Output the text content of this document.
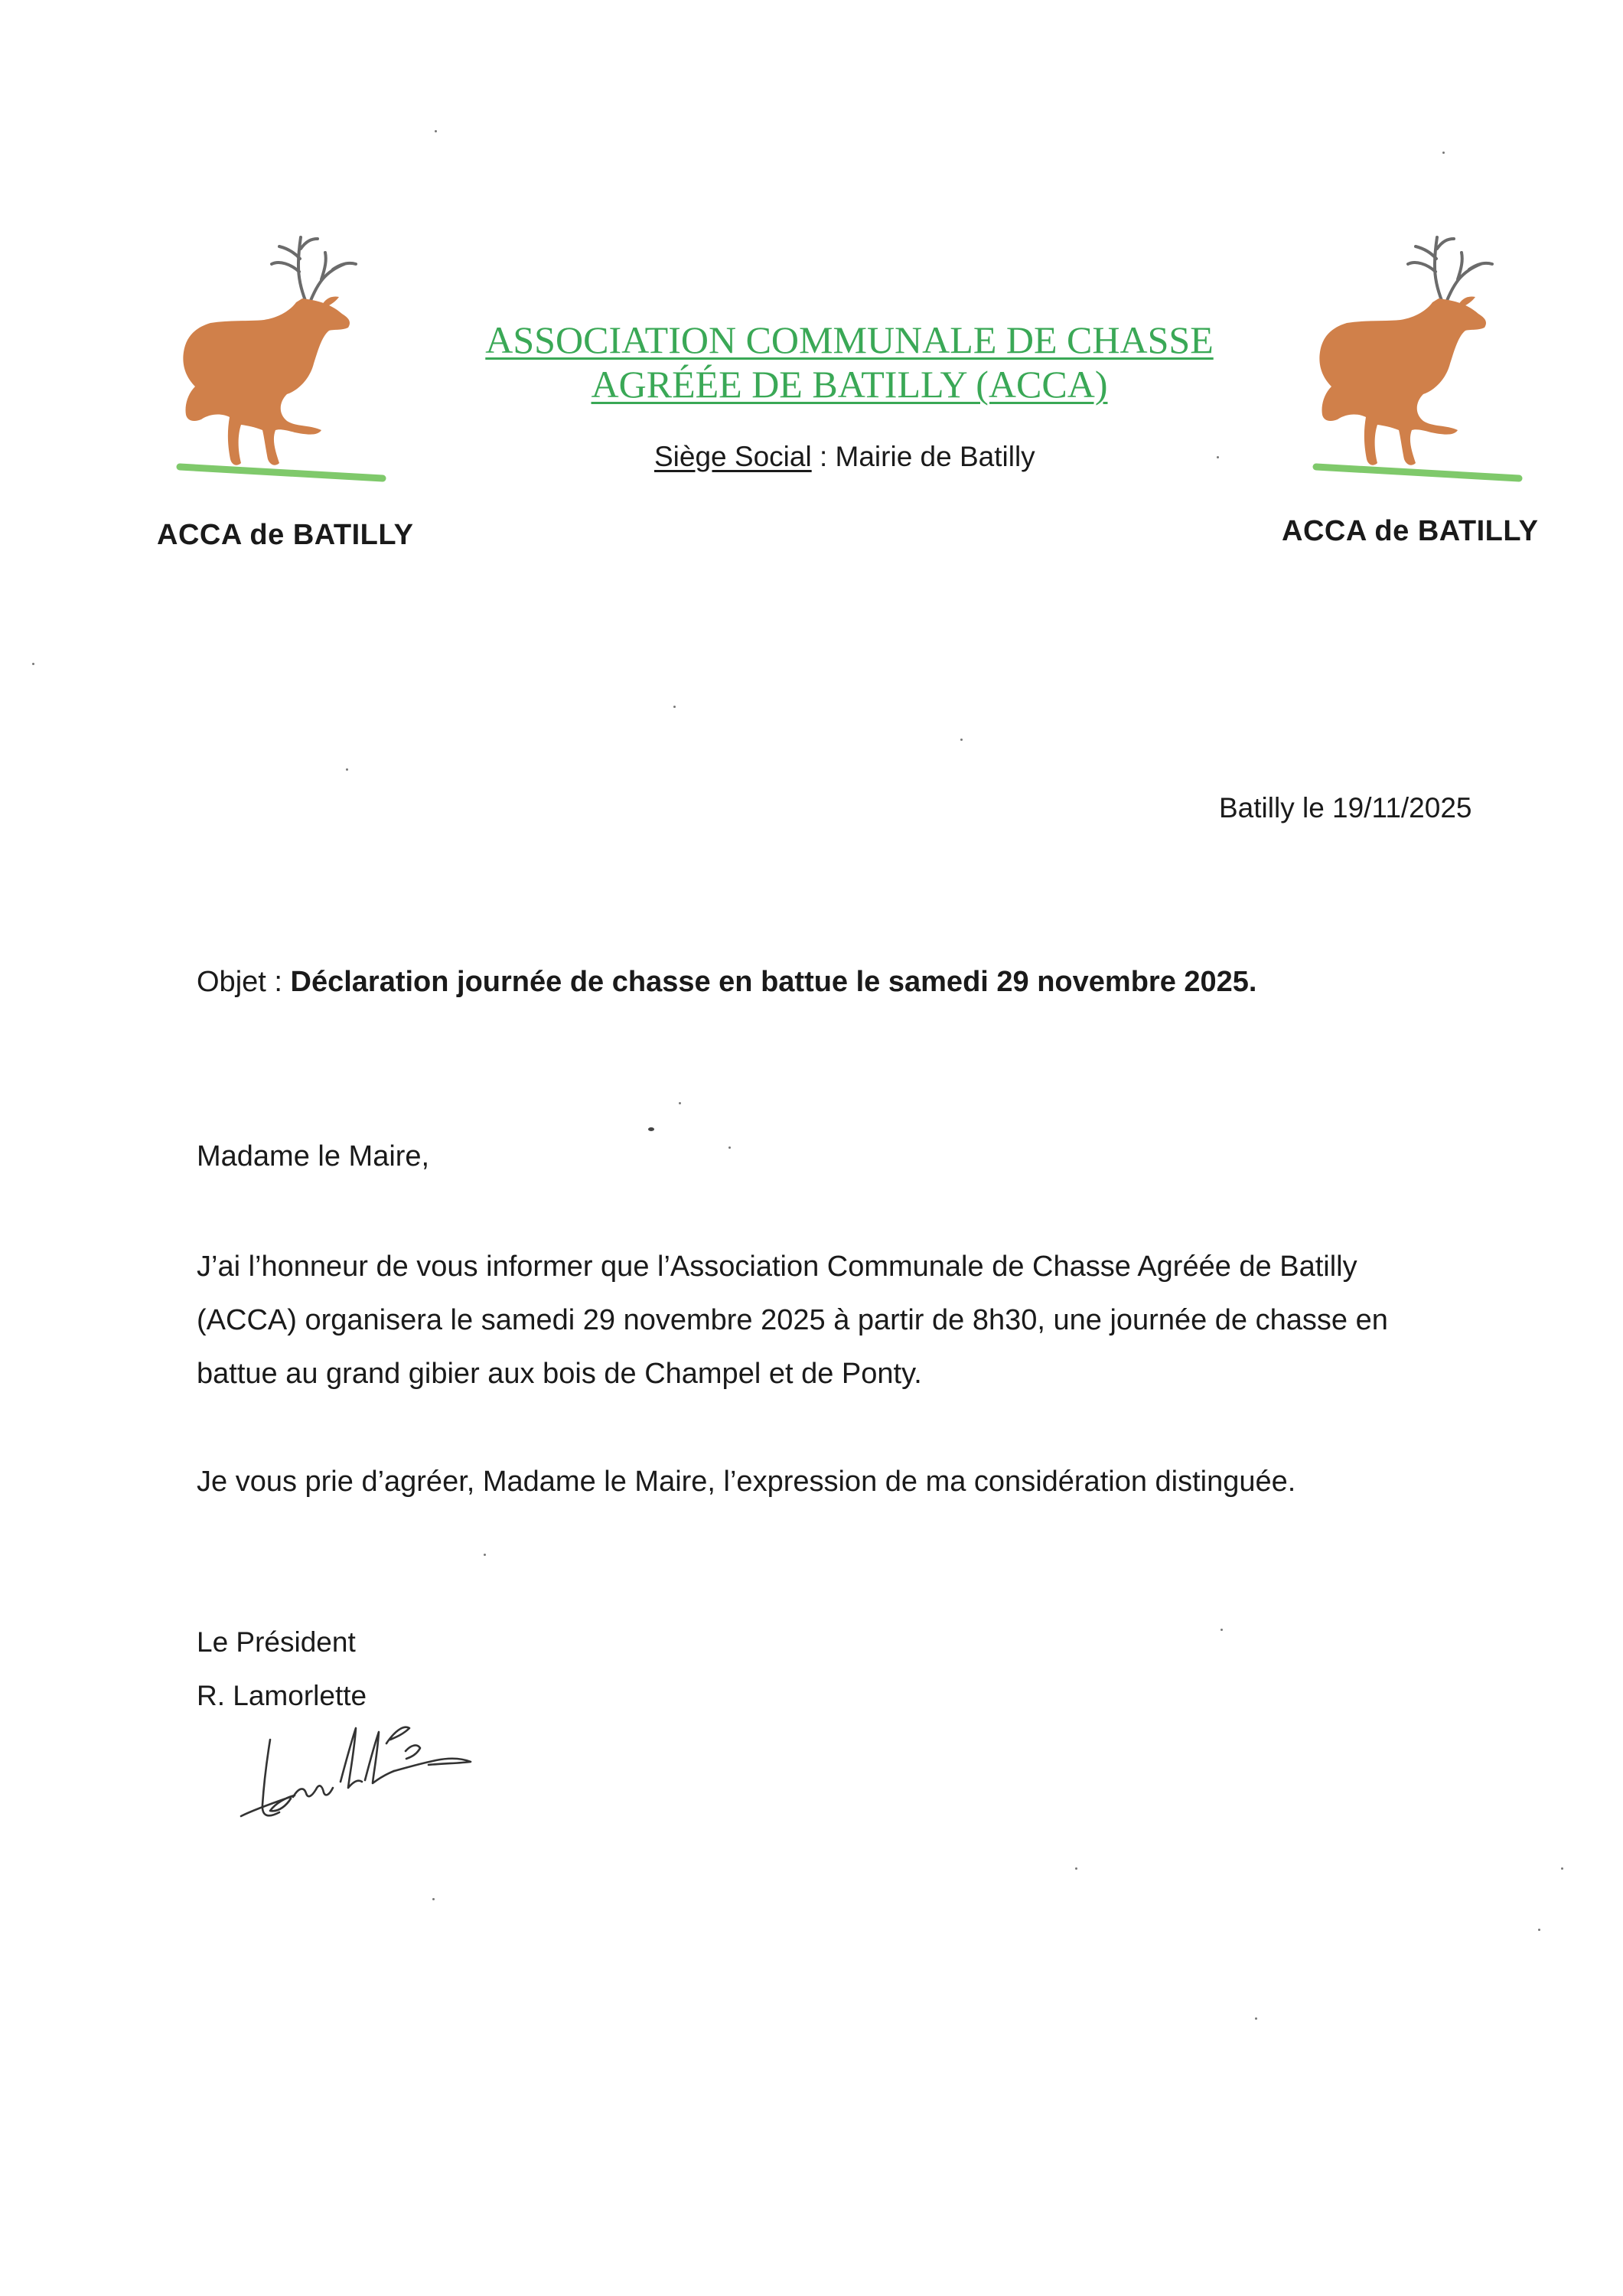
ACCA de BATILLY	ACCA de BATILLY
ASSOCIATION COMMUNALE DE CHASSE
AGRÉÉE DE BATILLY (ACCA)
Siège Social : Mairie de Batilly
Batilly le 19/11/2025
Objet : Déclaration journée de chasse en battue le samedi 29 novembre 2025.
Madame le Maire,
J’ai l’honneur de vous informer que l’Association Communale de Chasse Agréée de Batilly
(ACCA) organisera le samedi 29 novembre 2025 à partir de 8h30, une journée de chasse en
battue au grand gibier aux bois de Champel et de Ponty.
Je vous prie d’agréer, Madame le Maire, l’expression de ma considération distinguée.
Le Président
R. Lamorlette
